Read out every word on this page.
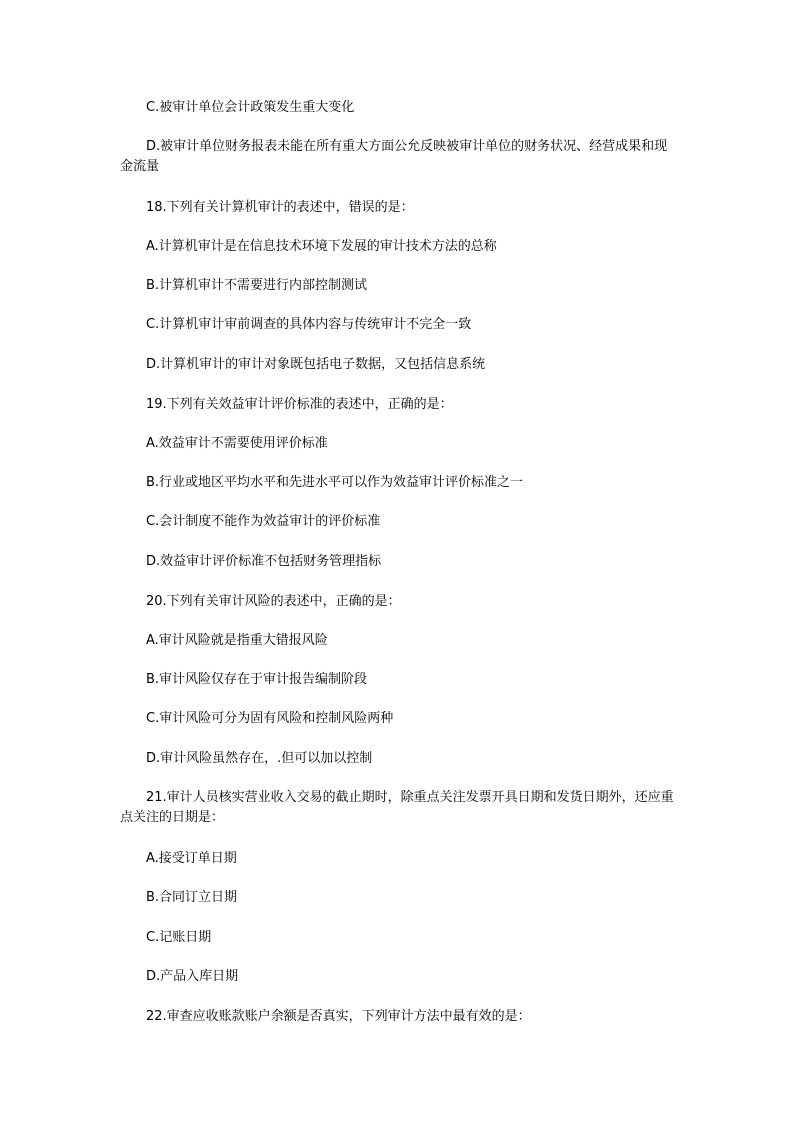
C.被审计单位会计政策发生重大变化
D.被审计单位财务报表未能在所有重大方面公允反映被审计单位的财务状况、经营成果和现金流量
18.下列有关计算机审计的表述中，错误的是：
A.计算机审计是在信息技术环境下发展的审计技术方法的总称
B.计算机审计不需要进行内部控制测试
C.计算机审计审前调查的具体内容与传统审计不完全一致
D.计算机审计的审计对象既包括电子数据，又包括信息系统
19.下列有关效益审计评价标准的表述中，正确的是：
A.效益审计不需要使用评价标准
B.行业或地区平均水平和先进水平可以作为效益审计评价标准之一
C.会计制度不能作为效益审计的评价标准
D.效益审计评价标准不包括财务管理指标
20.下列有关审计风险的表述中，正确的是：
A.审计风险就是指重大错报风险
B.审计风险仅存在于审计报告编制阶段
C.审计风险可分为固有风险和控制风险两种
D.审计风险虽然存在，.但可以加以控制
21.审计人员核实营业收入交易的截止期时，除重点关注发票开具日期和发货日期外，还应重点关注的日期是：
A.接受订单日期
B.合同订立日期
C.记账日期
D.产品入库日期
22.审查应收账款账户余额是否真实，下列审计方法中最有效的是：
